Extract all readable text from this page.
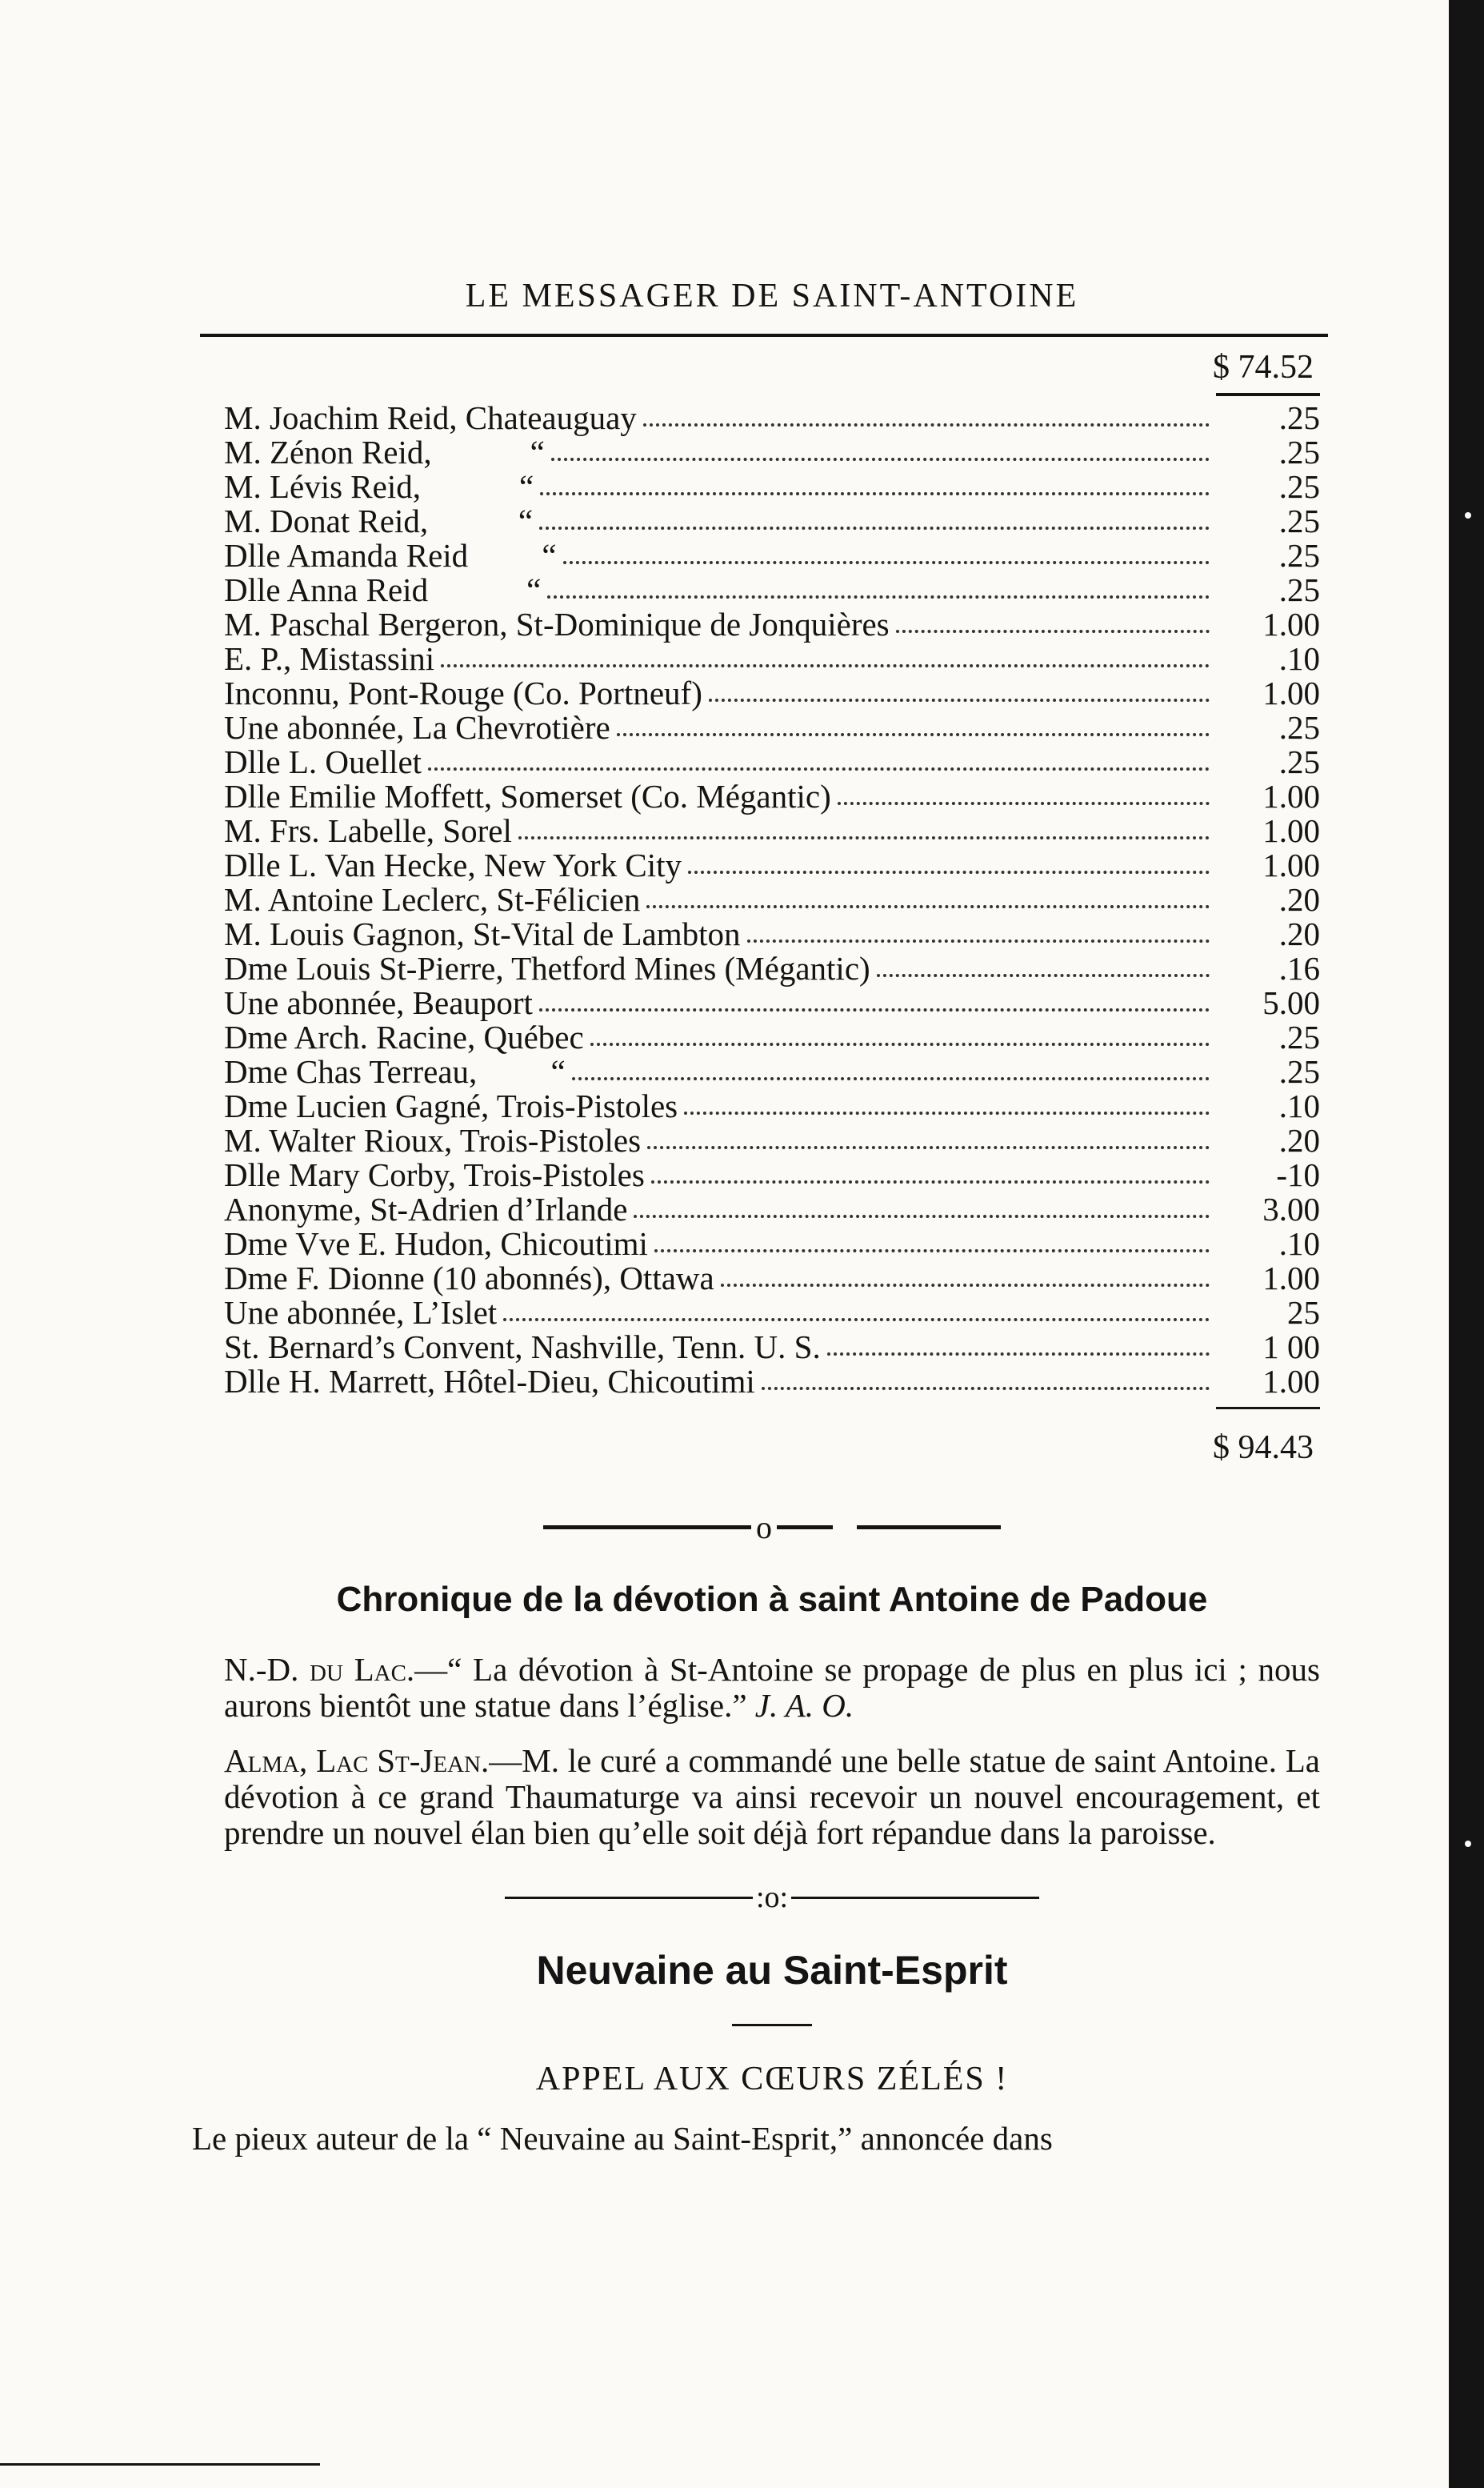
LE MESSAGER DE SAINT-ANTOINE
$ 74.52
M. Joachim Reid, Chateauguay	.25
M. Zénon Reid,            “	.25
M. Lévis Reid,            “	.25
M. Donat Reid,           “	.25
Dlle Amanda Reid         “	.25
Dlle Anna Reid            “	.25
M. Paschal Bergeron, St-Dominique de Jonquières	1.00
E. P., Mistassini	.10
Inconnu, Pont-Rouge (Co. Portneuf)	1.00
Une abonnée, La Chevrotière	.25
Dlle L. Ouellet	.25
Dlle Emilie Moffett, Somerset (Co. Mégantic)	1.00
M. Frs. Labelle, Sorel	1.00
Dlle L. Van Hecke, New York City	1.00
M. Antoine Leclerc, St-Félicien	.20
M. Louis Gagnon, St-Vital de Lambton	.20
Dme Louis St-Pierre, Thetford Mines (Mégantic)	.16
Une abonnée, Beauport	5.00
Dme Arch. Racine, Québec	.25
Dme Chas Terreau,         “	.25
Dme Lucien Gagné, Trois-Pistoles	.10
M. Walter Rioux, Trois-Pistoles	.20
Dlle Mary Corby, Trois-Pistoles	-10
Anonyme, St-Adrien d’Irlande	3.00
Dme Vve E. Hudon, Chicoutimi	.10
Dme F. Dionne (10 abonnés), Ottawa	1.00
Une abonnée, L’Islet	25
St. Bernard’s Convent, Nashville, Tenn. U. S.	1 00
Dlle H. Marrett, Hôtel-Dieu, Chicoutimi	1.00
$ 94.43
o
Chronique de la dévotion à saint Antoine de Padoue
N.-D. du Lac.—“ La dévotion à St-Antoine se propage de plus en plus ici ; nous aurons bientôt une statue dans l’église.” J. A. O.
Alma, Lac St-Jean.—M. le curé a commandé une belle statue de saint Antoine. La dévotion à ce grand Thaumaturge va ainsi recevoir un nouvel encouragement, et prendre un nouvel élan bien qu’elle soit déjà fort répandue dans la paroisse.
:o:
Neuvaine au Saint-Esprit
APPEL AUX CŒURS ZÉLÉS !
Le pieux auteur de la “ Neuvaine au Saint-Esprit,” annoncée dans
